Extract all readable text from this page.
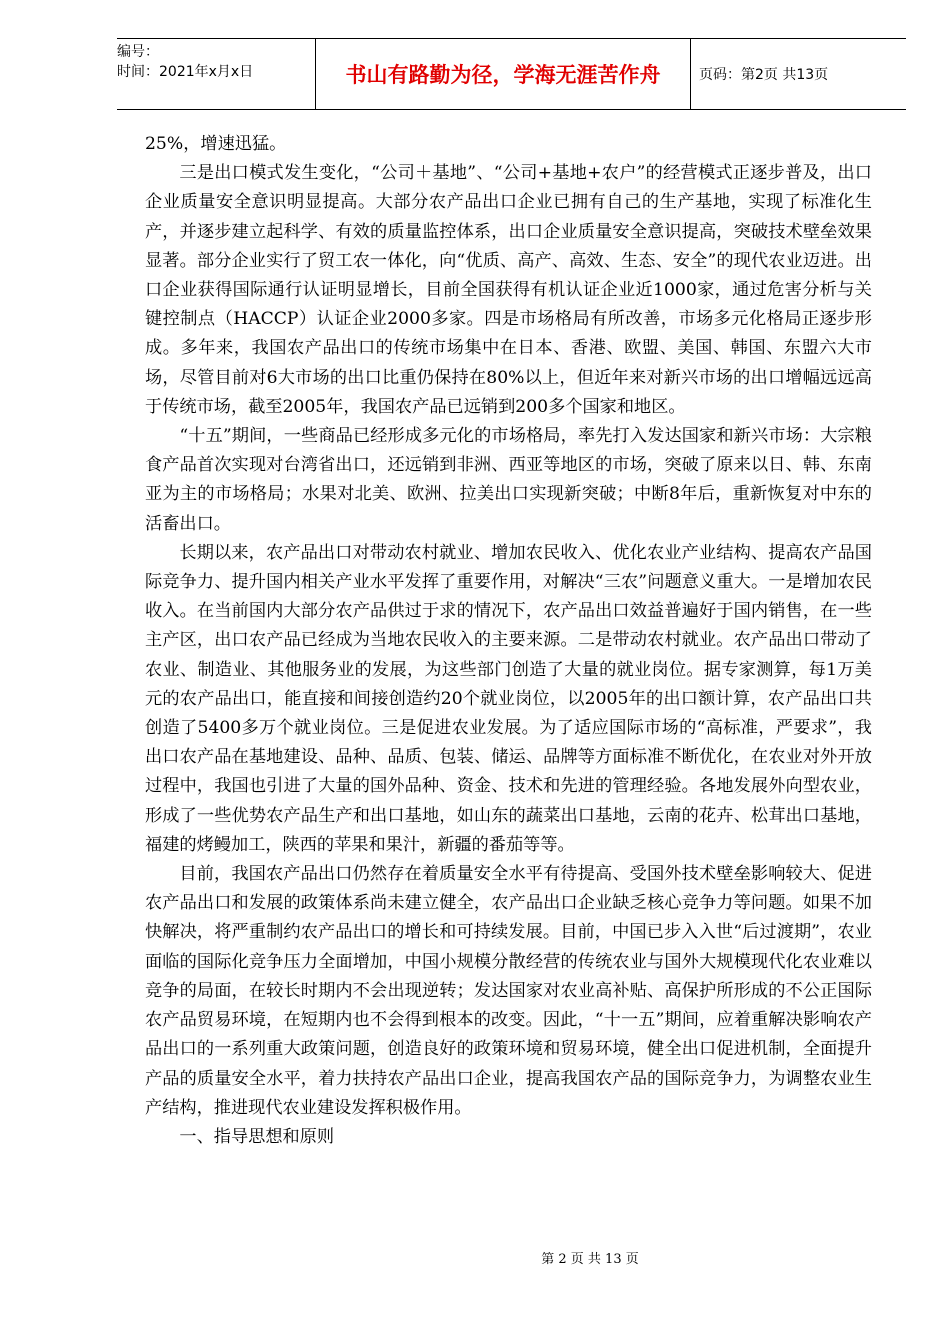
编号：
时间：2021年x月x日	书山有路勤为径，学海无涯苦作舟	页码：第2页 共13页

25%，增速迅猛。

三是出口模式发生变化，“公司＋基地”、“公司+基地+农户”的经营模式正逐步普及，出口企业质量安全意识明显提高。大部分农产品出口企业已拥有自己的生产基地，实现了标准化生产，并逐步建立起科学、有效的质量监控体系，出口企业质量安全意识提高，突破技术壁垒效果显著。部分企业实行了贸工农一体化，向“优质、高产、高效、生态、安全”的现代农业迈进。出口企业获得国际通行认证明显增长，目前全国获得有机认证企业近1000家，通过危害分析与关键控制点（HACCP）认证企业2000多家。四是市场格局有所改善，市场多元化格局正逐步形成。多年来，我国农产品出口的传统市场集中在日本、香港、欧盟、美国、韩国、东盟六大市场，尽管目前对6大市场的出口比重仍保持在80%以上，但近年来对新兴市场的出口增幅远远高于传统市场，截至2005年，我国农产品已远销到200多个国家和地区。

“十五”期间，一些商品已经形成多元化的市场格局，率先打入发达国家和新兴市场：大宗粮食产品首次实现对台湾省出口，还远销到非洲、西亚等地区的市场，突破了原来以日、韩、东南亚为主的市场格局；水果对北美、欧洲、拉美出口实现新突破；中断8年后，重新恢复对中东的活畜出口。

长期以来，农产品出口对带动农村就业、增加农民收入、优化农业产业结构、提高农产品国际竞争力、提升国内相关产业水平发挥了重要作用，对解决“三农”问题意义重大。一是增加农民收入。在当前国内大部分农产品供过于求的情况下，农产品出口效益普遍好于国内销售，在一些主产区，出口农产品已经成为当地农民收入的主要来源。二是带动农村就业。农产品出口带动了农业、制造业、其他服务业的发展，为这些部门创造了大量的就业岗位。据专家测算，每1万美元的农产品出口，能直接和间接创造约20个就业岗位，以2005年的出口额计算，农产品出口共创造了5400多万个就业岗位。三是促进农业发展。为了适应国际市场的“高标准，严要求”，我出口农产品在基地建设、品种、品质、包装、储运、品牌等方面标准不断优化，在农业对外开放过程中，我国也引进了大量的国外品种、资金、技术和先进的管理经验。各地发展外向型农业，形成了一些优势农产品生产和出口基地，如山东的蔬菜出口基地，云南的花卉、松茸出口基地，福建的烤鳗加工，陕西的苹果和果汁，新疆的番茄等等。

目前，我国农产品出口仍然存在着质量安全水平有待提高、受国外技术壁垒影响较大、促进农产品出口和发展的政策体系尚未建立健全，农产品出口企业缺乏核心竞争力等问题。如果不加快解决，将严重制约农产品出口的增长和可持续发展。目前，中国已步入入世“后过渡期”，农业面临的国际化竞争压力全面增加，中国小规模分散经营的传统农业与国外大规模现代化农业难以竞争的局面，在较长时期内不会出现逆转；发达国家对农业高补贴、高保护所形成的不公正国际农产品贸易环境，在短期内也不会得到根本的改变。因此，“十一五”期间，应着重解决影响农产品出口的一系列重大政策问题，创造良好的政策环境和贸易环境，健全出口促进机制，全面提升产品的质量安全水平，着力扶持农产品出口企业，提高我国农产品的国际竞争力，为调整农业生产结构，推进现代农业建设发挥积极作用。

一、指导思想和原则

第 2 页 共 13 页
